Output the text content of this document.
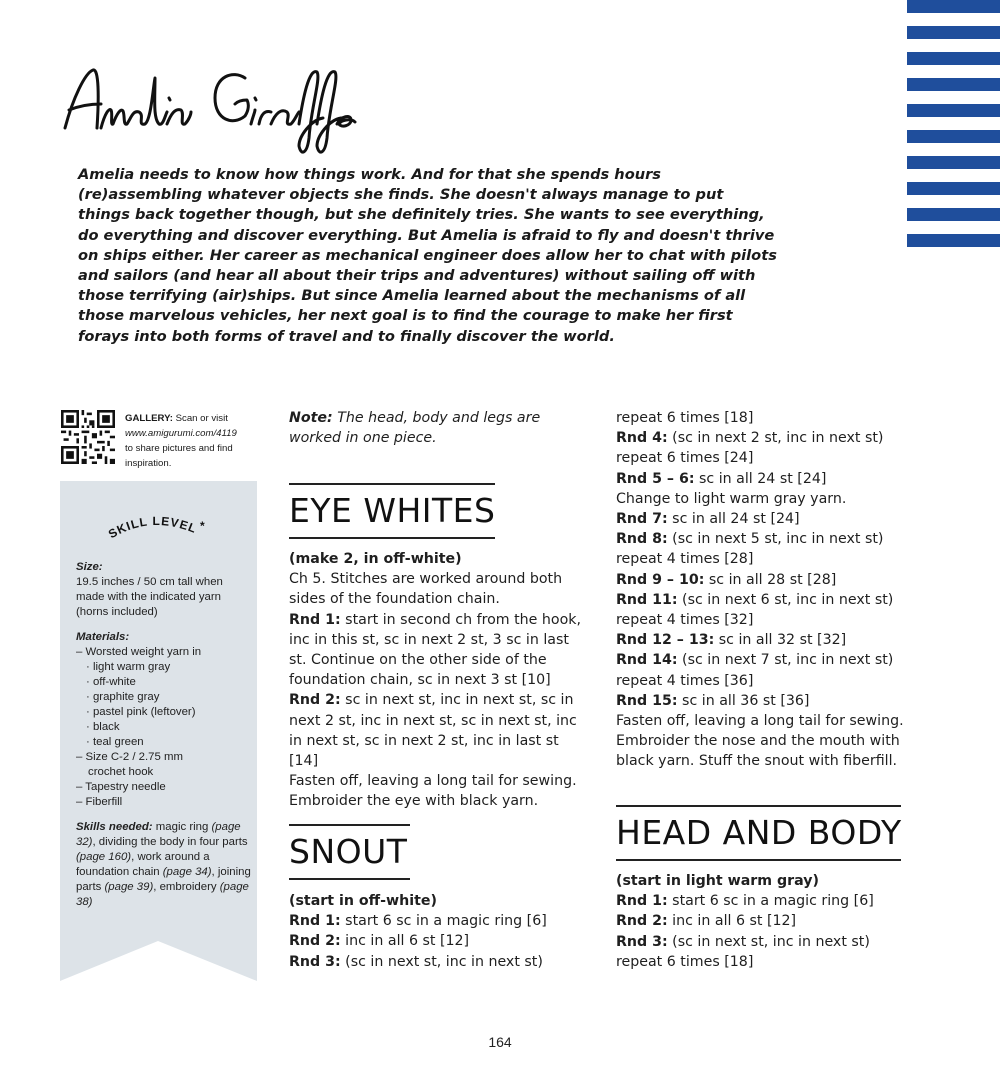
Amelia needs to know how things work. And for that she spends hours (re)assembling whatever objects she finds. She doesn't always manage to put things back together though, but she definitely tries. She wants to see everything, do everything and discover everything. But Amelia is afraid to fly and doesn't thrive on ships either. Her career as mechanical engineer does allow her to chat with pilots and sailors (and hear all about their trips and adventures) without sailing off with those terrifying (air)ships. But since Amelia learned about the mechanisms of all those marvelous vehicles, her next goal is to find the courage to make her first forays into both forms of travel and to finally discover the world.

GALLERY: Scan or visit
www.amigurumi.com/4119
to share pictures and find inspiration.

SKILL LEVEL *

Size:

19.5 inches / 50 cm tall when made with the indicated yarn (horns included)

Materials:

– Worsted weight yarn in

· light warm gray

· off-white

· graphite gray

· pastel pink (leftover)

· black

· teal green

– Size C-2 / 2.75 mm

crochet hook

– Tapestry needle

– Fiberfill

Skills needed: magic ring (page 32), dividing the body in four parts (page 160), work around a foundation chain (page 34), joining parts (page 39), embroidery (page 38)

Note: The head, body and legs are worked in one piece.

EYE WHITES

(make 2, in off-white)

Ch 5. Stitches are worked around both sides of the foundation chain.

Rnd 1: start in second ch from the hook, inc in this st, sc in next 2 st, 3 sc in last st. Continue on the other side of the foundation chain, sc in next 3 st [10]

Rnd 2: sc in next st, inc in next st, sc in next 2 st, inc in next st, sc in next st, inc in next st, sc in next 2 st, inc in last st [14]

Fasten off, leaving a long tail for sewing. Embroider the eye with black yarn.

SNOUT

(start in off-white)

Rnd 1: start 6 sc in a magic ring [6]

Rnd 2: inc in all 6 st [12]

Rnd 3: (sc in next st, inc in next st)

repeat 6 times [18]

Rnd 4: (sc in next 2 st, inc in next st) repeat 6 times [24]

Rnd 5 – 6: sc in all 24 st [24]

Change to light warm gray yarn.

Rnd 7: sc in all 24 st [24]

Rnd 8: (sc in next 5 st, inc in next st) repeat 4 times [28]

Rnd 9 – 10: sc in all 28 st [28]

Rnd 11: (sc in next 6 st, inc in next st) repeat 4 times [32]

Rnd 12 – 13: sc in all 32 st [32]

Rnd 14: (sc in next 7 st, inc in next st) repeat 4 times [36]

Rnd 15: sc in all 36 st [36]

Fasten off, leaving a long tail for sewing. Embroider the nose and the mouth with black yarn. Stuff the snout with fiberfill.

HEAD AND BODY

(start in light warm gray)

Rnd 1: start 6 sc in a magic ring [6]

Rnd 2: inc in all 6 st [12]

Rnd 3: (sc in next st, inc in next st) repeat 6 times [18]

164
